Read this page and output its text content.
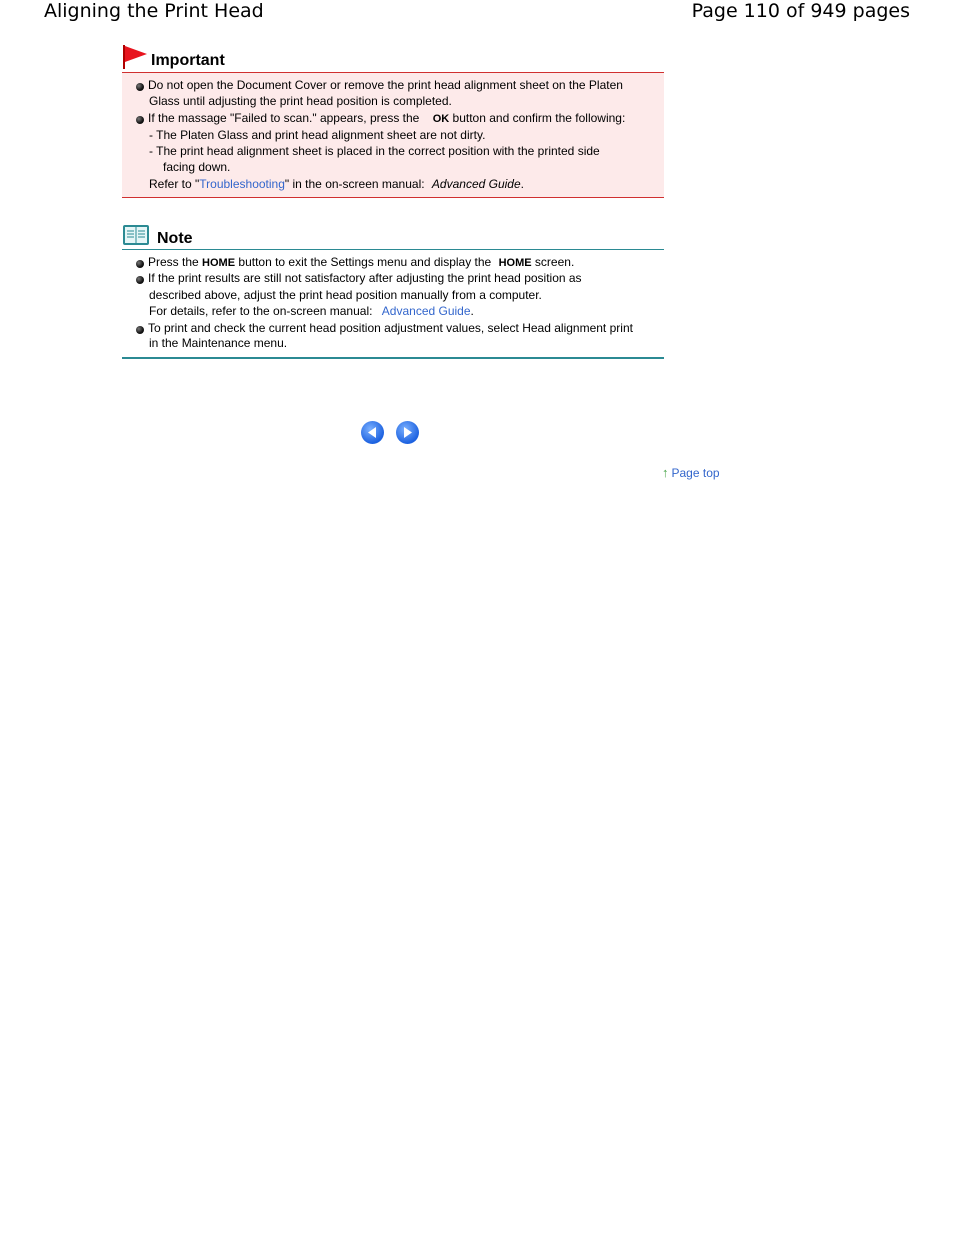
Aligning the Print Head	Page 110 of 949 pages
Important
Do not open the Document Cover or remove the print head alignment sheet on the Platen
Glass until adjusting the print head position is completed.
If the massage "Failed to scan." appears, press the OK button and confirm the following:
- The Platen Glass and print head alignment sheet are not dirty.
- The print head alignment sheet is placed in the correct position with the printed side
facing down.
Refer to "Troubleshooting" in the on-screen manual: Advanced Guide.
Note
Press the HOME button to exit the Settings menu and display the HOME screen.
If the print results are still not satisfactory after adjusting the print head position as
described above, adjust the print head position manually from a computer.
For details, refer to the on-screen manual: Advanced Guide.
To print and check the current head position adjustment values, select Head alignment print
in the Maintenance menu.
↑ Page top
